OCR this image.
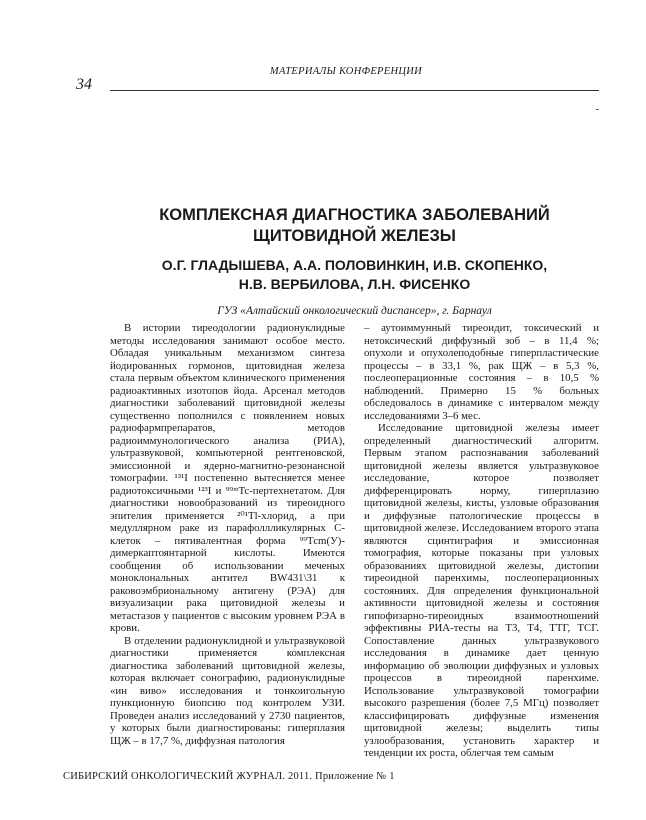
МАТЕРИАЛЫ КОНФЕРЕНЦИИ
34
-
КОМПЛЕКСНАЯ ДИАГНОСТИКА ЗАБОЛЕВАНИЙ
ЩИТОВИДНОЙ ЖЕЛЕЗЫ
О.Г. ГЛАДЫШЕВА, А.А. ПОЛОВИНКИН, И.В. СКОПЕНКО,
Н.В. ВЕРБИЛОВА, Л.Н. ФИСЕНКО
ГУЗ «Алтайский онкологический диспансер», г. Барнаул

В истории тиреодологии радионуклидные методы исследования занимают особое место. Обладая уникальным механизмом синтеза йодированных гормонов, щитовидная железа стала первым объектом клинического применения радиоактивных изотопов йода. Арсенал методов диагностики заболеваний щитовидной железы существенно пополнился с появлением новых радиофармпрепаратов, методов радиоиммунологического анализа (РИА), ультразвуковой, компьютерной рентгеновской, эмиссионной и ядерно-магнитно-резонансной томографии. ¹³¹I постепенно вытесняется менее радиотоксичными ¹²³I и ⁹⁹ᵐTc-пертехнетатом. Для диагностики новообразований из тиреоидного эпителия применяется ²⁰¹Tl-хлорид, а при медуллярном раке из парафоллликулярных С-клеток – пятивалентная форма ⁹⁹Тсm(У)-димеркаптоянтарной кислоты. Имеются сообщения об использовании меченых моноклональных антител BW431\31 к раковоэмбриональному антигену (РЭА) для визуализации рака щитовидной железы и метастазов у пациентов с высоким уровнем РЭА в крови.

В отделении радионуклидной и ультразвуковой диагностики применяется комплексная диагностика заболеваний щитовидной железы, которая включает сонографию, радионуклидные «ин виво» исследования и тонкоигольную пункционную биопсию под контролем УЗИ. Проведен анализ исследований у 2730 пациентов, у которых были диагностированы: гиперплазия ЩЖ – в 17,7 %, диффузная патология

– аутоиммунный тиреоидит, токсический и нетоксический диффузный зоб – в 11,4 %; опухоли и опухолеподобные гиперпластические процессы – в 33,1 %, рак ЩЖ – в 5,3 %, послеоперационные состояния – в 10,5 % наблюдений. Примерно 15 % больных обследовалось в динамике с интервалом между исследованиями 3–6 мес.

Исследование щитовидной железы имеет определенный диагностический алгоритм. Первым этапом распознавания заболеваний щитовидной железы является ультразвуковое исследование, которое позволяет дифференцировать норму, гиперплазию щитовидной железы, кисты, узловые образования и диффузные патологические процессы в щитовидной железе. Исследованием второго этапа являются сцинтиграфия и эмиссионная томография, которые показаны при узловых образованиях щитовидной железы, дистопии тиреоидной паренхимы, послеоперационных состояниях. Для определения функциональной активности щитовидной железы и состояния гипофизарно-тиреоидных взаимоотношений эффективны РИА-тесты на Т3, Т4, ТТГ, ТСГ. Сопоставление данных ультразвукового исследования в динамике дает ценную информацию об эволюции диффузных и узловых процессов в тиреоидной паренхиме. Использование ультразвуковой томографии высокого разрешения (более 7,5 МГц) позволяет классифицировать диффузные изменения щитовидной железы; выделить типы узлообразования, установить характер и тенденции их роста, облегчая тем самым

СИБИРСКИЙ ОНКОЛОГИЧЕСКИЙ ЖУРНАЛ. 2011. Приложение № 1
